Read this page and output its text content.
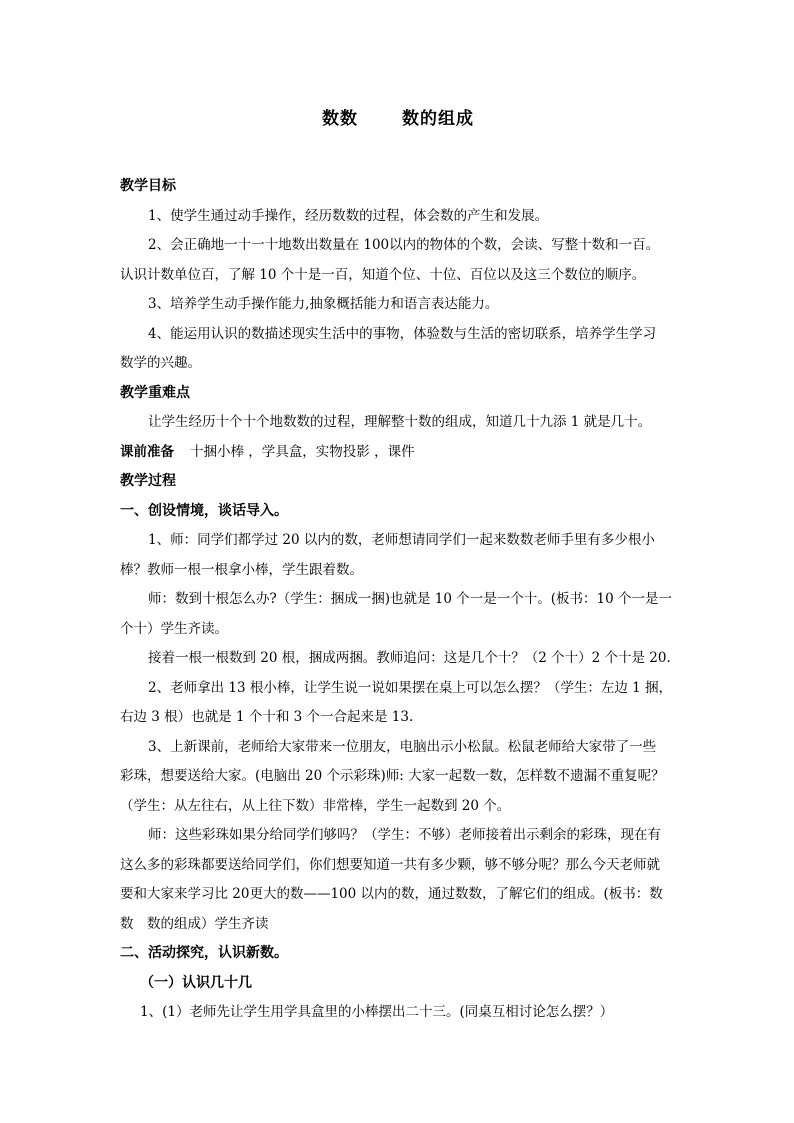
数数	数的组成
教学目标
1、使学生通过动手操作，经历数数的过程，体会数的产生和发展。
2、会正确地一十一十地数出数量在 100以内的物体的个数，会读、写整十数和一百。
认识计数单位百，了解 10 个十是一百，知道个位、十位、百位以及这三个数位的顺序。
3、培养学生动手操作能力,抽象概括能力和语言表达能力。
4、能运用认识的数描述现实生活中的事物，体验数与生活的密切联系，培养学生学习
数学的兴趣。
教学重难点
让学生经历十个十个地数数的过程，理解整十数的组成，知道几十九添 1 就是几十。
课前准备 十捆小棒 ，学具盒，实物投影 ，课件
教学过程
一、创设情境，谈话导入。
1、师：同学们都学过 20 以内的数，老师想请同学们一起来数数老师手里有多少根小
棒？教师一根一根拿小棒，学生跟着数。
师：数到十根怎么办?（学生：捆成一捆)也就是 10 个一是一个十。(板书：10 个一是一
个十）学生齐读。
接着一根一根数到 20 根，捆成两捆。教师追问：这是几个十？（2 个十）2 个十是 20.
2、老师拿出 13 根小棒，让学生说一说如果摆在桌上可以怎么摆？（学生：左边 1 捆，
右边 3 根）也就是 1 个十和 3 个一合起来是 13.
3、上新课前，老师给大家带来一位朋友，电脑出示小松鼠。松鼠老师给大家带了一些
彩珠，想要送给大家。(电脑出 20 个示彩珠)师: 大家一起数一数，怎样数不遗漏不重复呢？
（学生：从左往右，从上往下数）非常棒，学生一起数到 20 个。
师：这些彩珠如果分给同学们够吗？（学生：不够）老师接着出示剩余的彩珠，现在有
这么多的彩珠都要送给同学们，你们想要知道一共有多少颗，够不够分呢？那么今天老师就
要和大家来学习比 20更大的数——100 以内的数，通过数数，了解它们的组成。(板书：数
数　数的组成）学生齐读
二、活动探究，认识新数。
（一）认识几十几
1、(1）老师先让学生用学具盒里的小棒摆出二十三。(同桌互相讨论怎么摆？）
